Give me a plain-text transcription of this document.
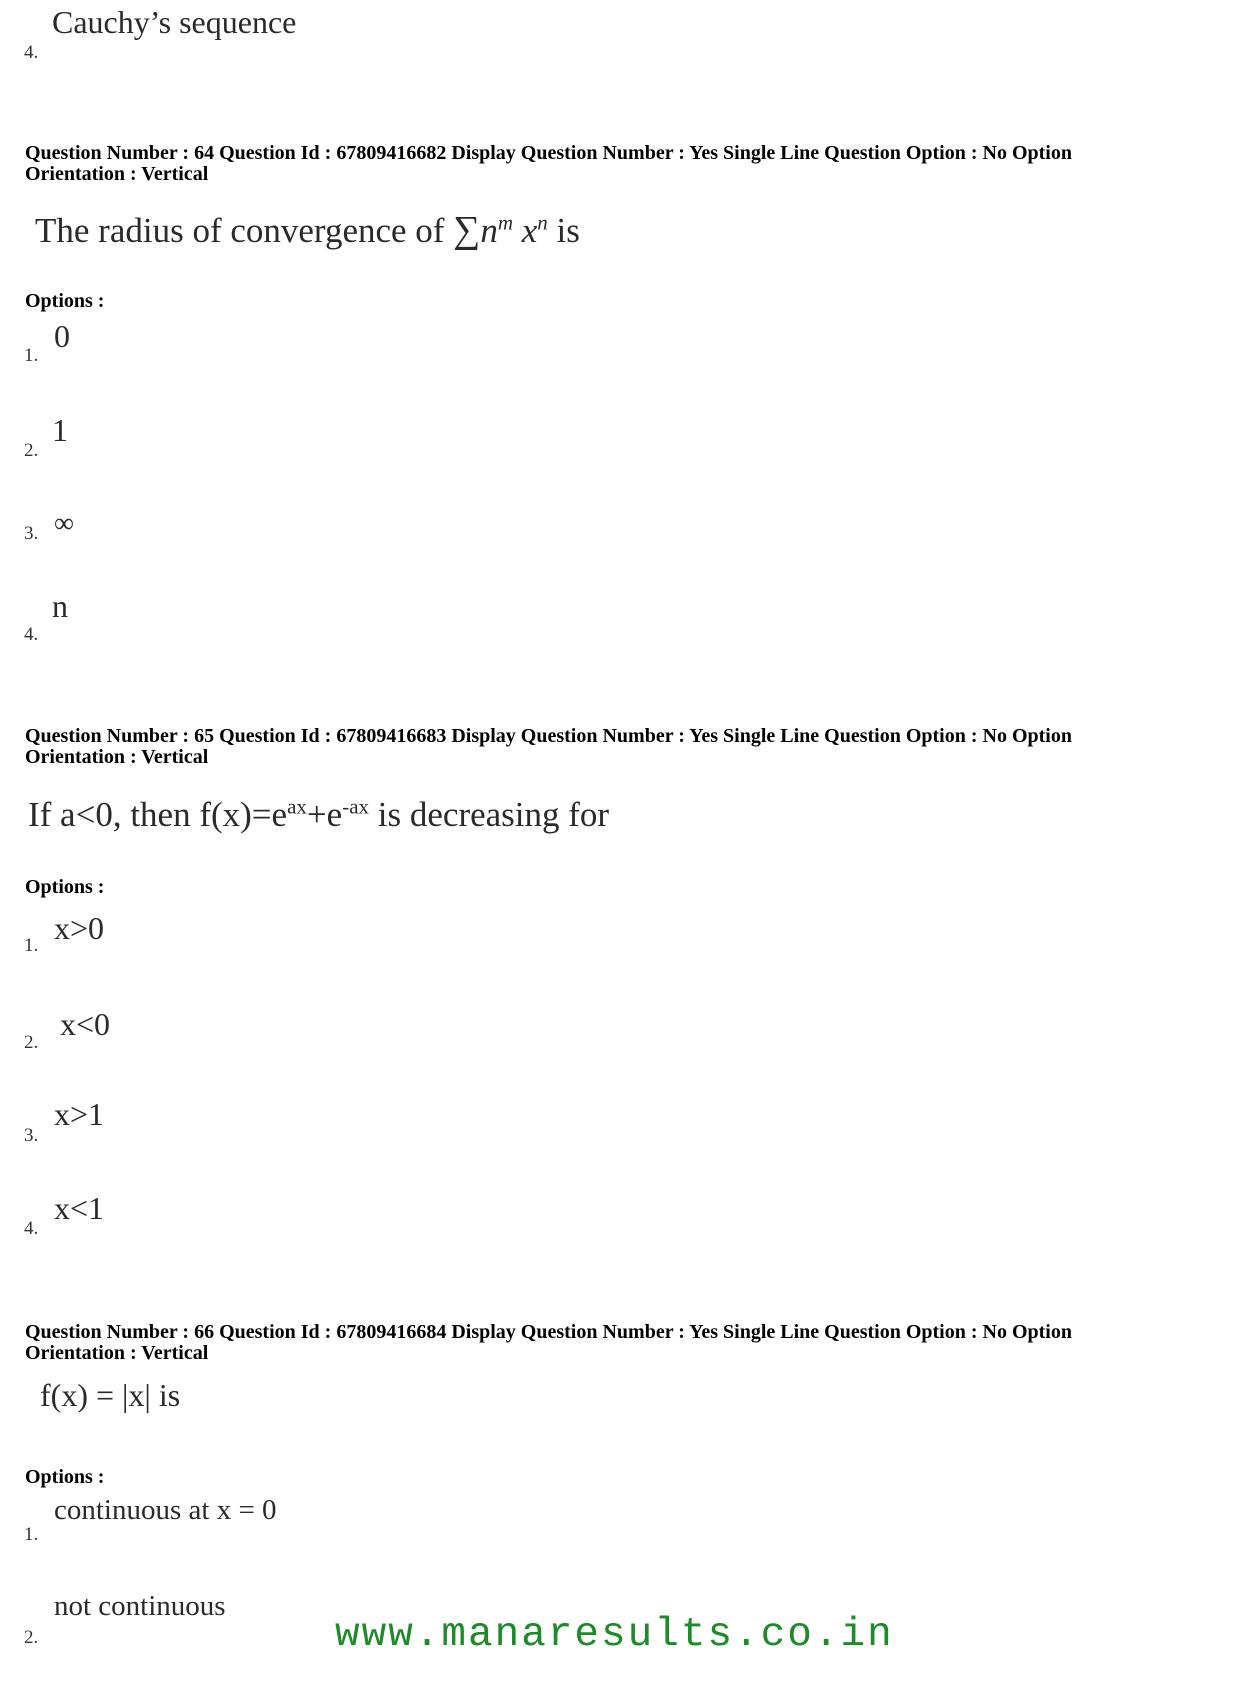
Cauchy’s sequence
4.
Question Number : 64 Question Id : 67809416682 Display Question Number : Yes Single Line Question Option : No Option
Orientation : Vertical
The radius of convergence of $\sum n^m$ $x^n$ is
Options :
0
1.
1
2.
∞
3.
n
4.
Question Number : 65 Question Id : 67809416683 Display Question Number : Yes Single Line Question Option : No Option
Orientation : Vertical
If a<0, then $f(x)=e^{ax}+e^{-ax}$ is decreasing for
Options :
x>0
1.
x<0
2.
x>1
3.
x<1
4.
Question Number : 66 Question Id : 67809416684 Display Question Number : Yes Single Line Question Option : No Option
Orientation : Vertical
f(x) = |x| is
Options :
continuous at x = 0
1.
not continuous
2.	www.manaresults.co.in
